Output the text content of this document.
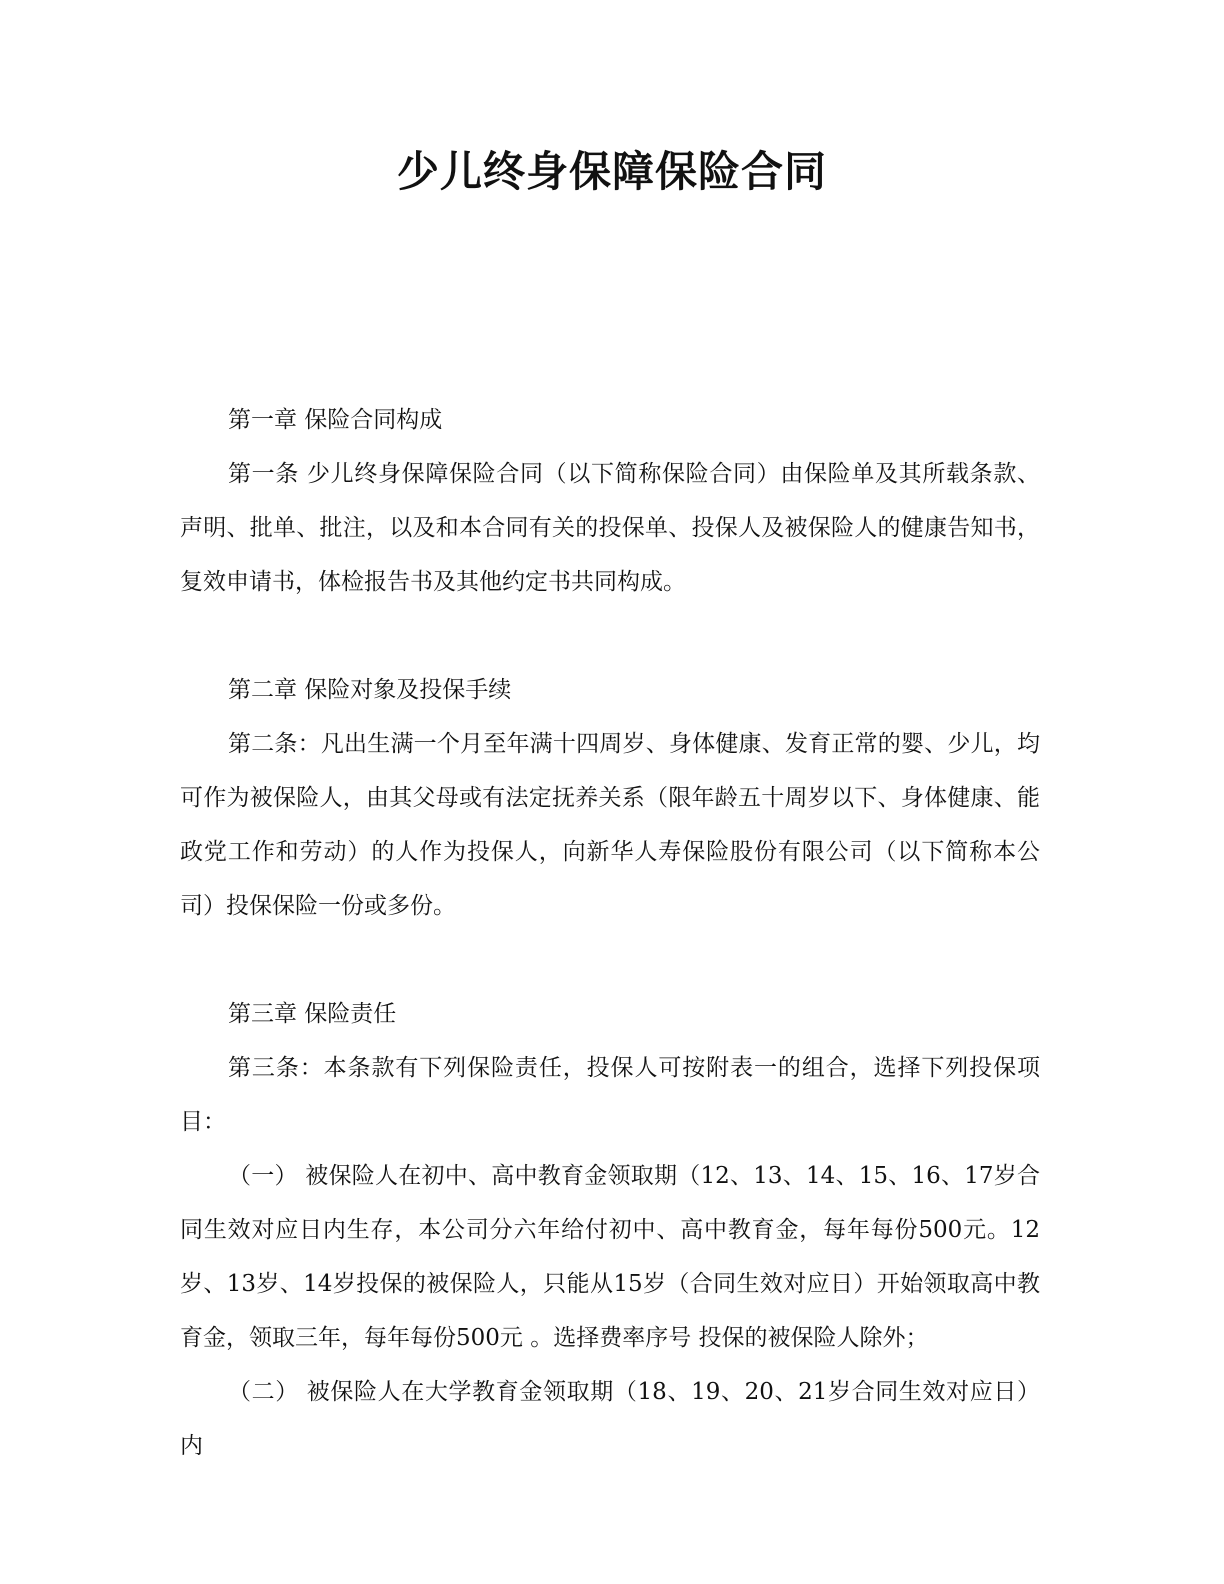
少儿终身保障保险合同

第一章 保险合同构成

第一条 少儿终身保障保险合同（以下简称保险合同）由保险单及其所载条款、声明、批单、批注，以及和本合同有关的投保单、投保人及被保险人的健康告知书，复效申请书，体检报告书及其他约定书共同构成。

第二章 保险对象及投保手续

第二条：凡出生满一个月至年满十四周岁、身体健康、发育正常的婴、少儿，均可作为被保险人，由其父母或有法定抚养关系（限年龄五十周岁以下、身体健康、能政党工作和劳动）的人作为投保人，向新华人寿保险股份有限公司（以下简称本公司）投保保险一份或多份。

第三章 保险责任

第三条：本条款有下列保险责任，投保人可按附表一的组合，选择下列投保项目：

（一） 被保险人在初中、高中教育金领取期（12、13、14、15、16、17岁合同生效对应日内生存，本公司分六年给付初中、高中教育金，每年每份500元。12岁、13岁、14岁投保的被保险人，只能从15岁（合同生效对应日）开始领取高中教育金，领取三年，每年每份500元 。选择费率序号 投保的被保险人除外；

（二） 被保险人在大学教育金领取期（18、19、20、21岁合同生效对应日）内
